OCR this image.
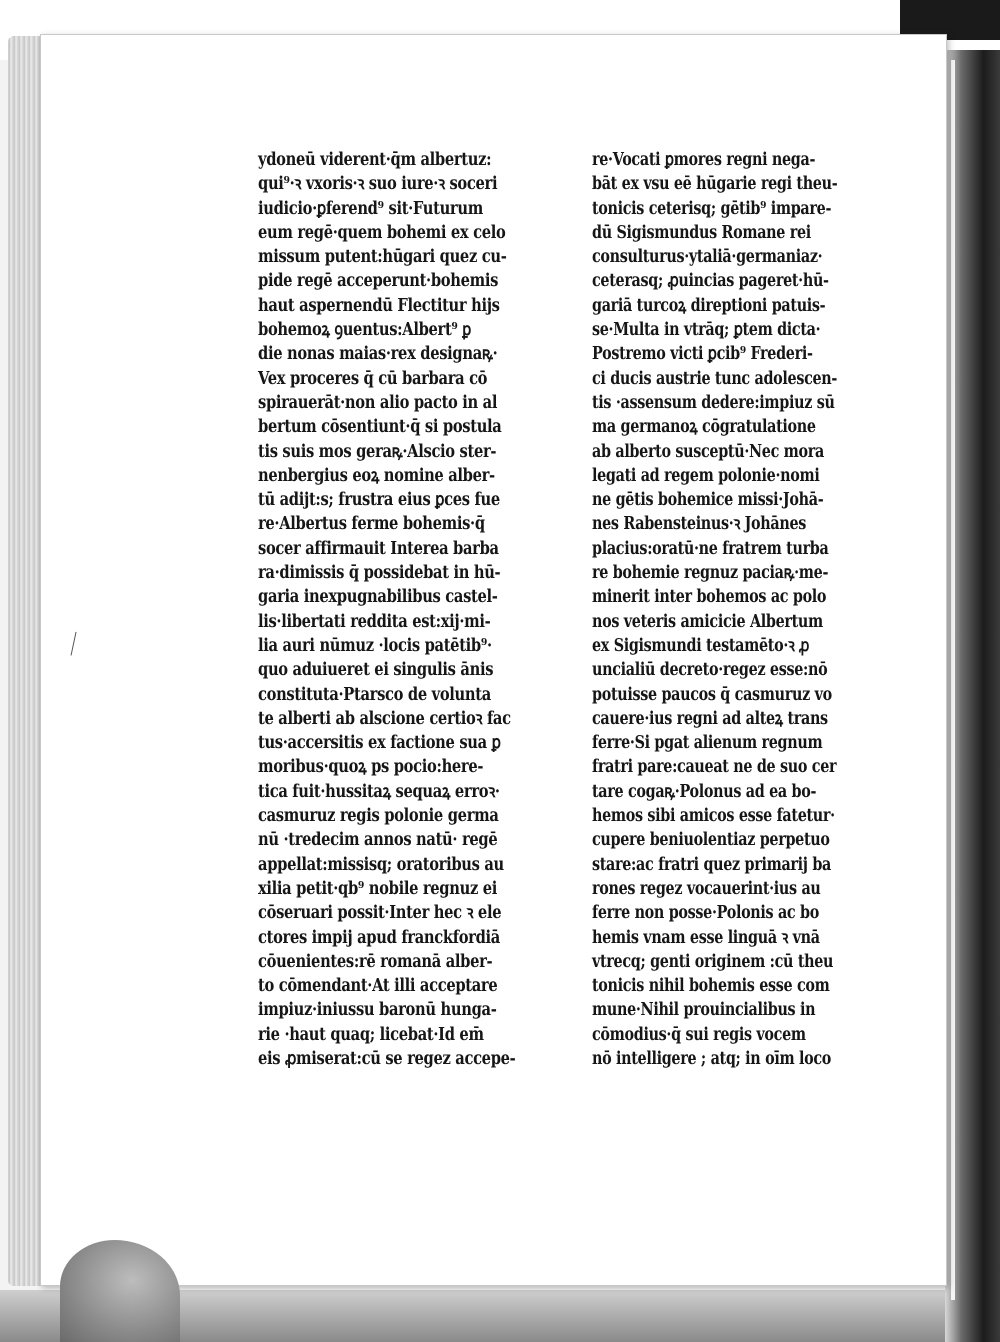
ydoneū viderent·q̄m albertuz:
qui⁹·ꝛ vxoris·ꝛ suo iure·ꝛ soceri
iudicio·ꝑferend⁹ sit·Futurum
eum regē·quem bohemi ex celo
missum putent:hūgari quez cu-
pide regē acceperunt·bohemis
haut aspernendū Flectitur hijs
bohemoꝝ ꝯuentus:Albert⁹ ꝑ
die nonas maias·rex designaꝶ·
Vex proceres q̄ cū barbara cō
spirauerāt·non alio pacto in al
bertum cōsentiunt·q̄ si postula
tis suis mos geraꝶ·Alscio ster-
nenbergius eoꝝ nomine alber-
tū adijt:s; frustra eius ꝑces fue
re·Albertus ferme bohemis·q̄
socer affirmauit Interea barba
ra·dimissis q̄ possidebat in hū-
garia inexpugnabilibus castel-
lis·libertati reddita est:xij·mi-
lia auri nūmuz ·locis patētib⁹·
quo aduiueret ei singulis ānis
constituta·Ptarsco de volunta
te alberti ab alscione certioꝛ fac
tus·accersitis ex factione sua ꝑ
moribus·quoꝝ ps pocio:here-
tica fuit·hussitaꝝ sequaꝝ erroꝛ·
casmuruz regis polonie germa
nū ·tredecim annos natū· regē
appellat:missisq; oratoribus au
xilia petit·qb⁹ nobile regnuz ei
cōseruari possit·Inter hec ꝛ ele
ctores impij apud franckfordiā
cōuenientes:rē romanā alber-
to cōmendant·At illi acceptare
impiuz·iniussu baronū hunga-
rie ·haut quaq; licebat·Id em̄
eis ꝓmiserat:cū se regez accepe-
re·Vocati ꝑmores regni nega-
bāt ex vsu eē hūgarie regi theu-
tonicis ceterisq; gētib⁹ impare-
dū Sigismundus Romane rei
consulturus·ytaliā·germaniaz·
ceterasq; ꝓuincias pageret·hū-
gariā turcoꝝ direptioni patuis-
se·Multa in vtrāq; ꝑtem dicta·
Postremo victi ꝑcib⁹ Frederi-
ci ducis austrie tunc adolescen-
tis ·assensum dedere:impiuz sū
ma germanoꝝ cōgratulatione
ab alberto susceptū·Nec mora
legati ad regem polonie·nomi
ne gētis bohemice missi·Johā-
nes Rabensteinus·ꝛ Johānes
placius:oratū·ne fratrem turba
re bohemie regnuz paciaꝶ·me-
minerit inter bohemos ac polo
nos veteris amicicie Albertum
ex Sigismundi testamēto·ꝛ ꝓ
uncialiū decreto·regez esse:nō
potuisse paucos q̄ casmuruz vo
cauere·ius regni ad alteꝝ trans
ferre·Si pgat alienum regnum
fratri pare:caueat ne de suo cer
tare cogaꝶ·Polonus ad ea bo-
hemos sibi amicos esse fatetur·
cupere beniuolentiaz perpetuo
stare:ac fratri quez primarij ba
rones regez vocauerint·ius au
ferre non posse·Polonis ac bo
hemis vnam esse linguā ꝛ vnā
vtrecq; genti originem :cū theu
tonicis nihil bohemis esse com
mune·Nihil prouincialibus in
cōmodius·q̄ sui regis vocem
nō intelligere ; atq; in oīm loco
